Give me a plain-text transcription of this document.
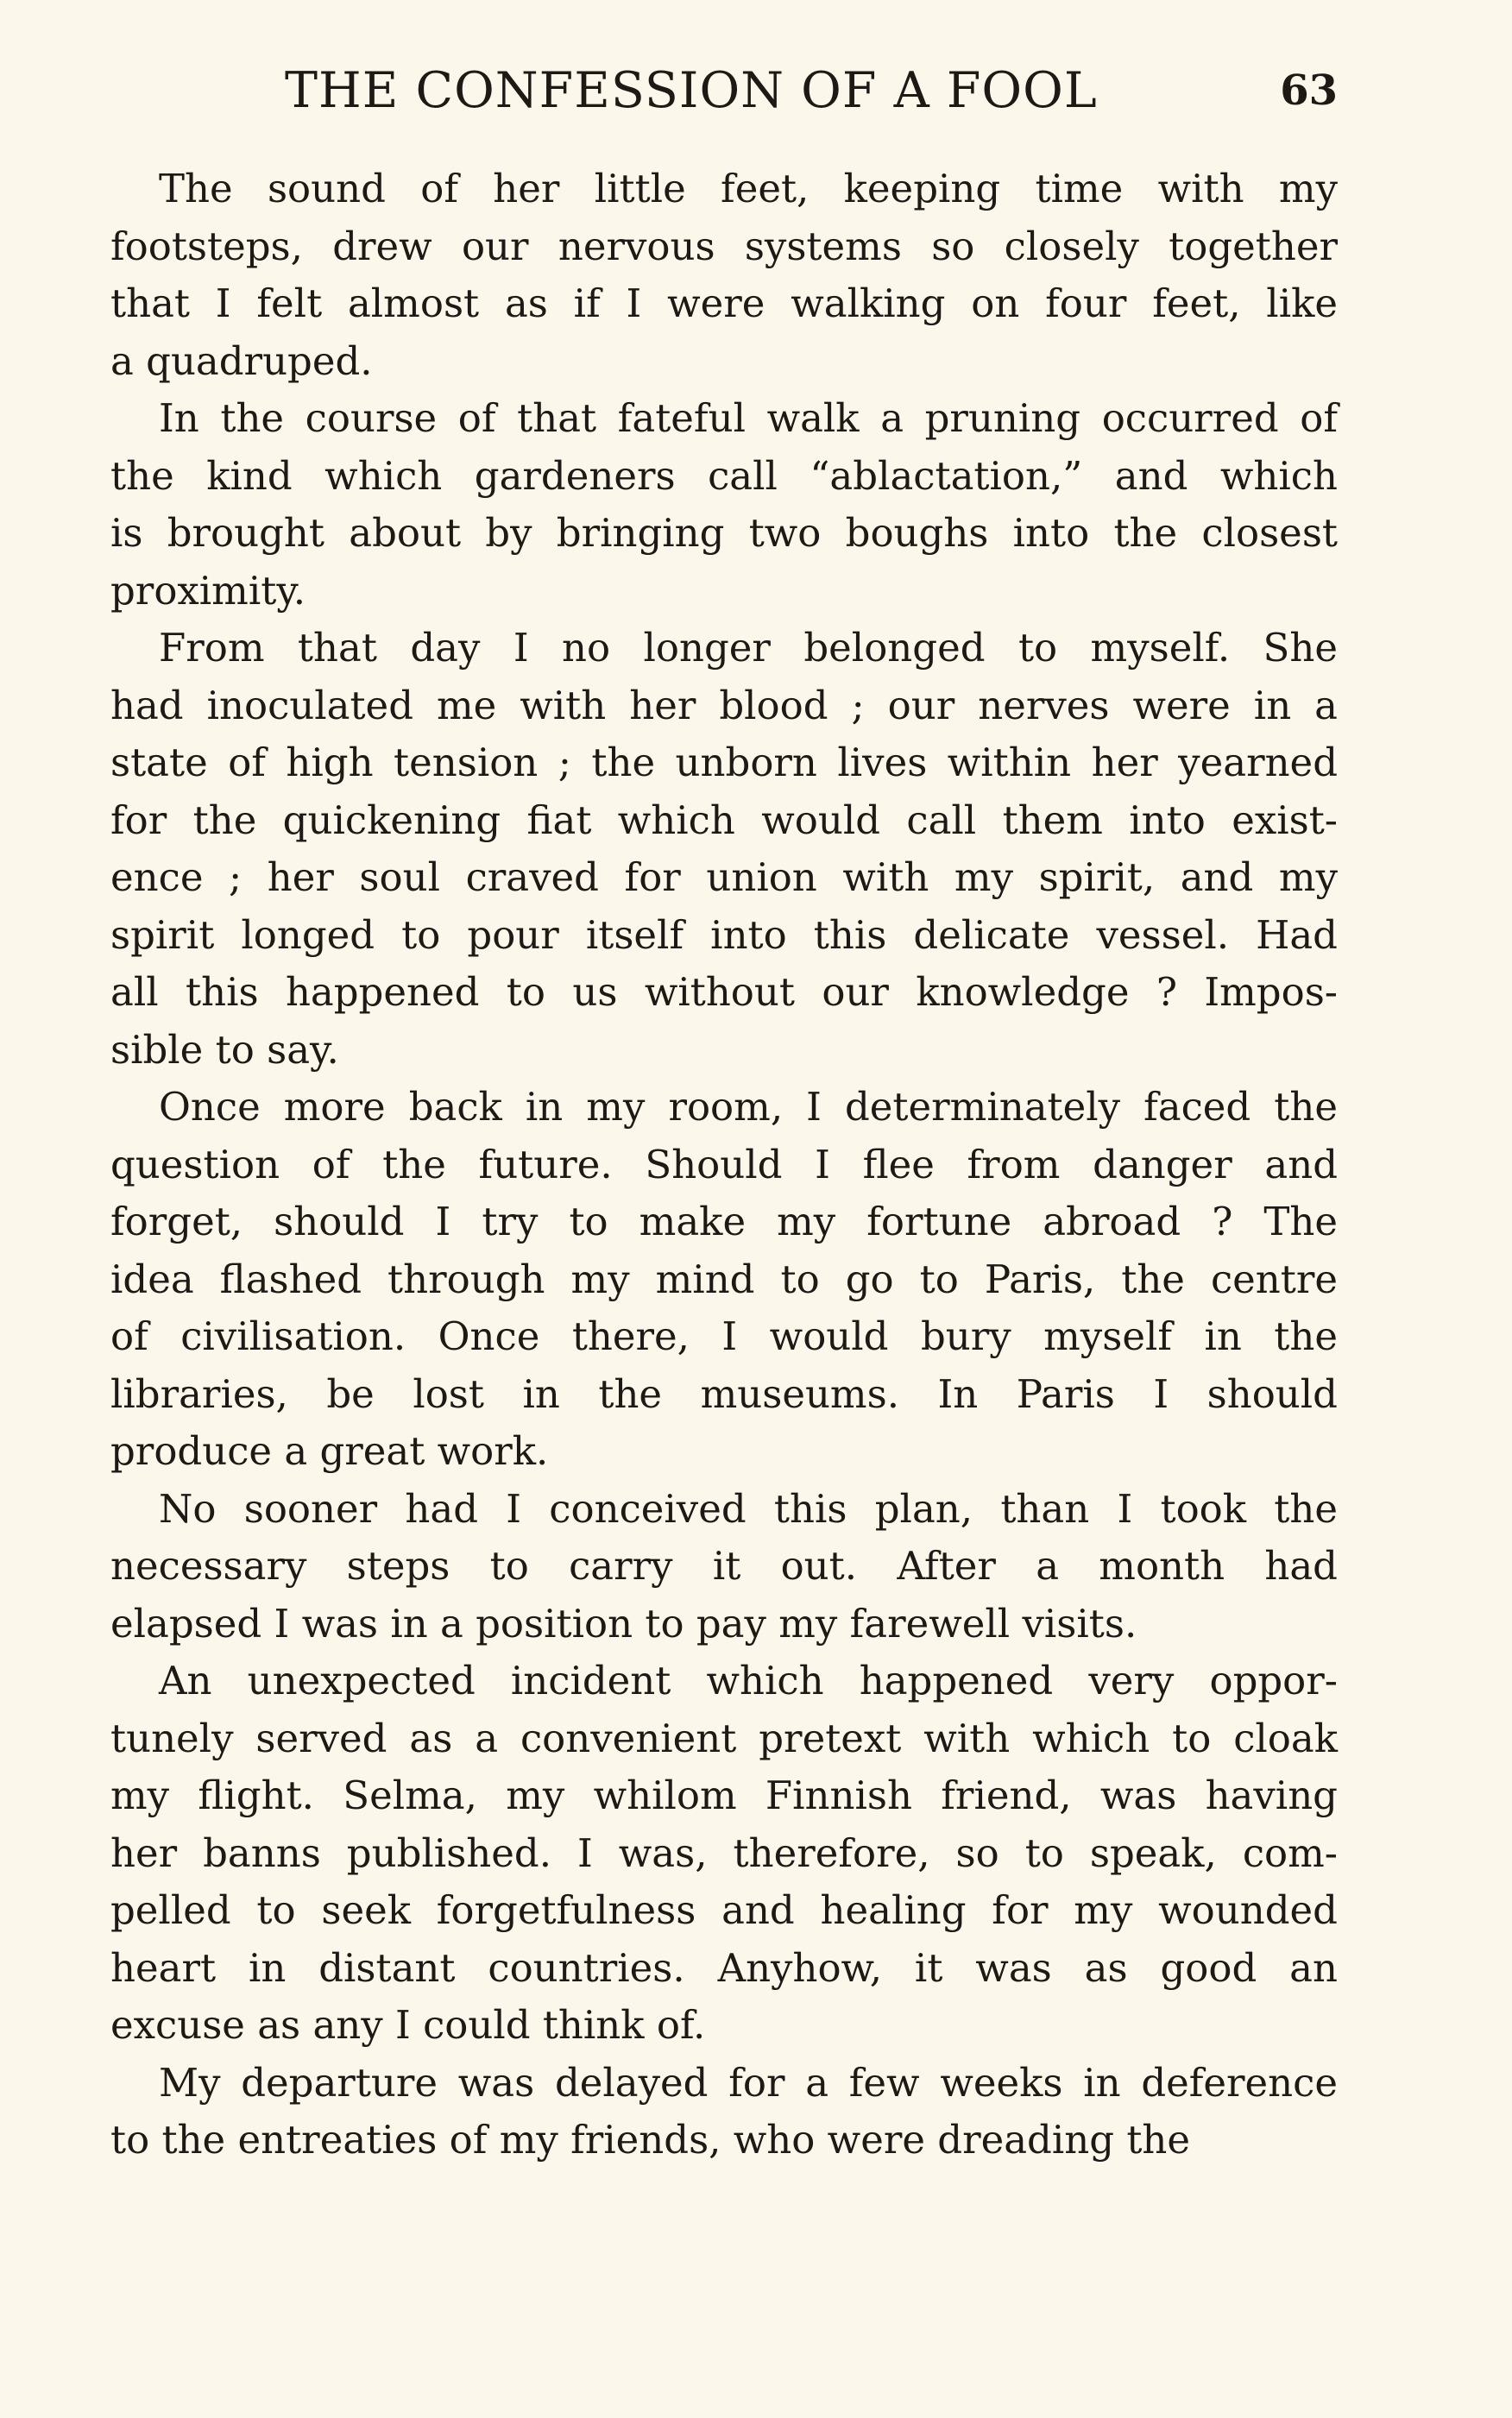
THE CONFESSION OF A FOOL	63
The sound of her little feet, keeping time with my
footsteps, drew our nervous systems so closely together
that I felt almost as if I were walking on four feet, like
a quadruped.
In the course of that fateful walk a pruning occurred of
the kind which gardeners call “ablactation,” and which
is brought about by bringing two boughs into the closest
proximity.
From that day I no longer belonged to myself. She
had inoculated me with her blood ; our nerves were in a
state of high tension ; the unborn lives within her yearned
for the quickening fiat which would call them into exist-
ence ; her soul craved for union with my spirit, and my
spirit longed to pour itself into this delicate vessel. Had
all this happened to us without our knowledge ? Impos-
sible to say.
Once more back in my room, I determinately faced the
question of the future. Should I flee from danger and
forget, should I try to make my fortune abroad ? The
idea flashed through my mind to go to Paris, the centre
of civilisation. Once there, I would bury myself in the
libraries, be lost in the museums. In Paris I should
produce a great work.
No sooner had I conceived this plan, than I took the
necessary steps to carry it out. After a month had
elapsed I was in a position to pay my farewell visits.
An unexpected incident which happened very oppor-
tunely served as a convenient pretext with which to cloak
my flight. Selma, my whilom Finnish friend, was having
her banns published. I was, therefore, so to speak, com-
pelled to seek forgetfulness and healing for my wounded
heart in distant countries. Anyhow, it was as good an
excuse as any I could think of.
My departure was delayed for a few weeks in deference
to the entreaties of my friends, who were dreading the
